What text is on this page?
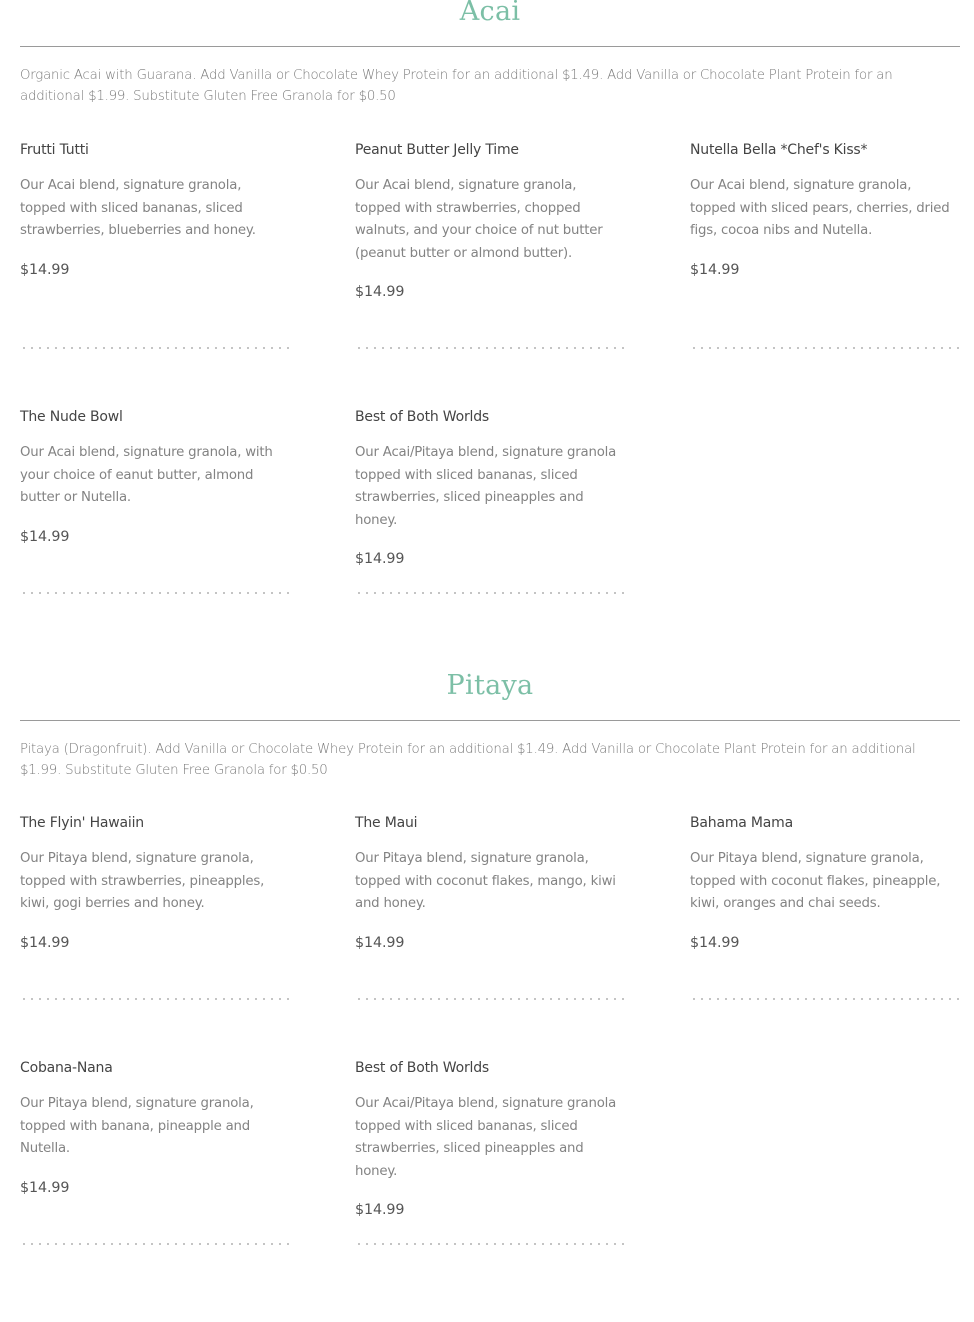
Acai
Organic Acai with Guarana. Add Vanilla or Chocolate Whey Protein for an additional $1.49. Add Vanilla or Chocolate Plant Protein for an additional $1.99. Substitute Gluten Free Granola for $0.50

Frutti Tutti

Our Acai blend, signature granola, topped with sliced bananas, sliced strawberries, blueberries and honey.
$14.99

Peanut Butter Jelly Time

Our Acai blend, signature granola, topped with strawberries, chopped walnuts, and your choice of nut butter (peanut butter or almond butter).
$14.99

Nutella Bella *Chef's Kiss*

Our Acai blend, signature granola, topped with sliced pears, cherries, dried figs, cocoa nibs and Nutella.
$14.99

The Nude Bowl

Our Acai blend, signature granola, with your choice of eanut butter, almond butter or Nutella.
$14.99

Best of Both Worlds

Our Acai/Pitaya blend, signature granola topped with sliced bananas, sliced strawberries, sliced pineapples and honey.
$14.99
Pitaya
Pitaya (Dragonfruit). Add Vanilla or Chocolate Whey Protein for an additional $1.49. Add Vanilla or Chocolate Plant Protein for an additional $1.99. Substitute Gluten Free Granola for $0.50

The Flyin' Hawaiin

Our Pitaya blend, signature granola, topped with strawberries, pineapples, kiwi, gogi berries and honey.
$14.99

The Maui

Our Pitaya blend, signature granola, topped with coconut flakes, mango, kiwi and honey.
$14.99

Bahama Mama

Our Pitaya blend, signature granola, topped with coconut flakes, pineapple, kiwi, oranges and chai seeds.
$14.99

Cobana-Nana

Our Pitaya blend, signature granola, topped with banana, pineapple and Nutella.
$14.99

Best of Both Worlds

Our Acai/Pitaya blend, signature granola topped with sliced bananas, sliced strawberries, sliced pineapples and honey.
$14.99
